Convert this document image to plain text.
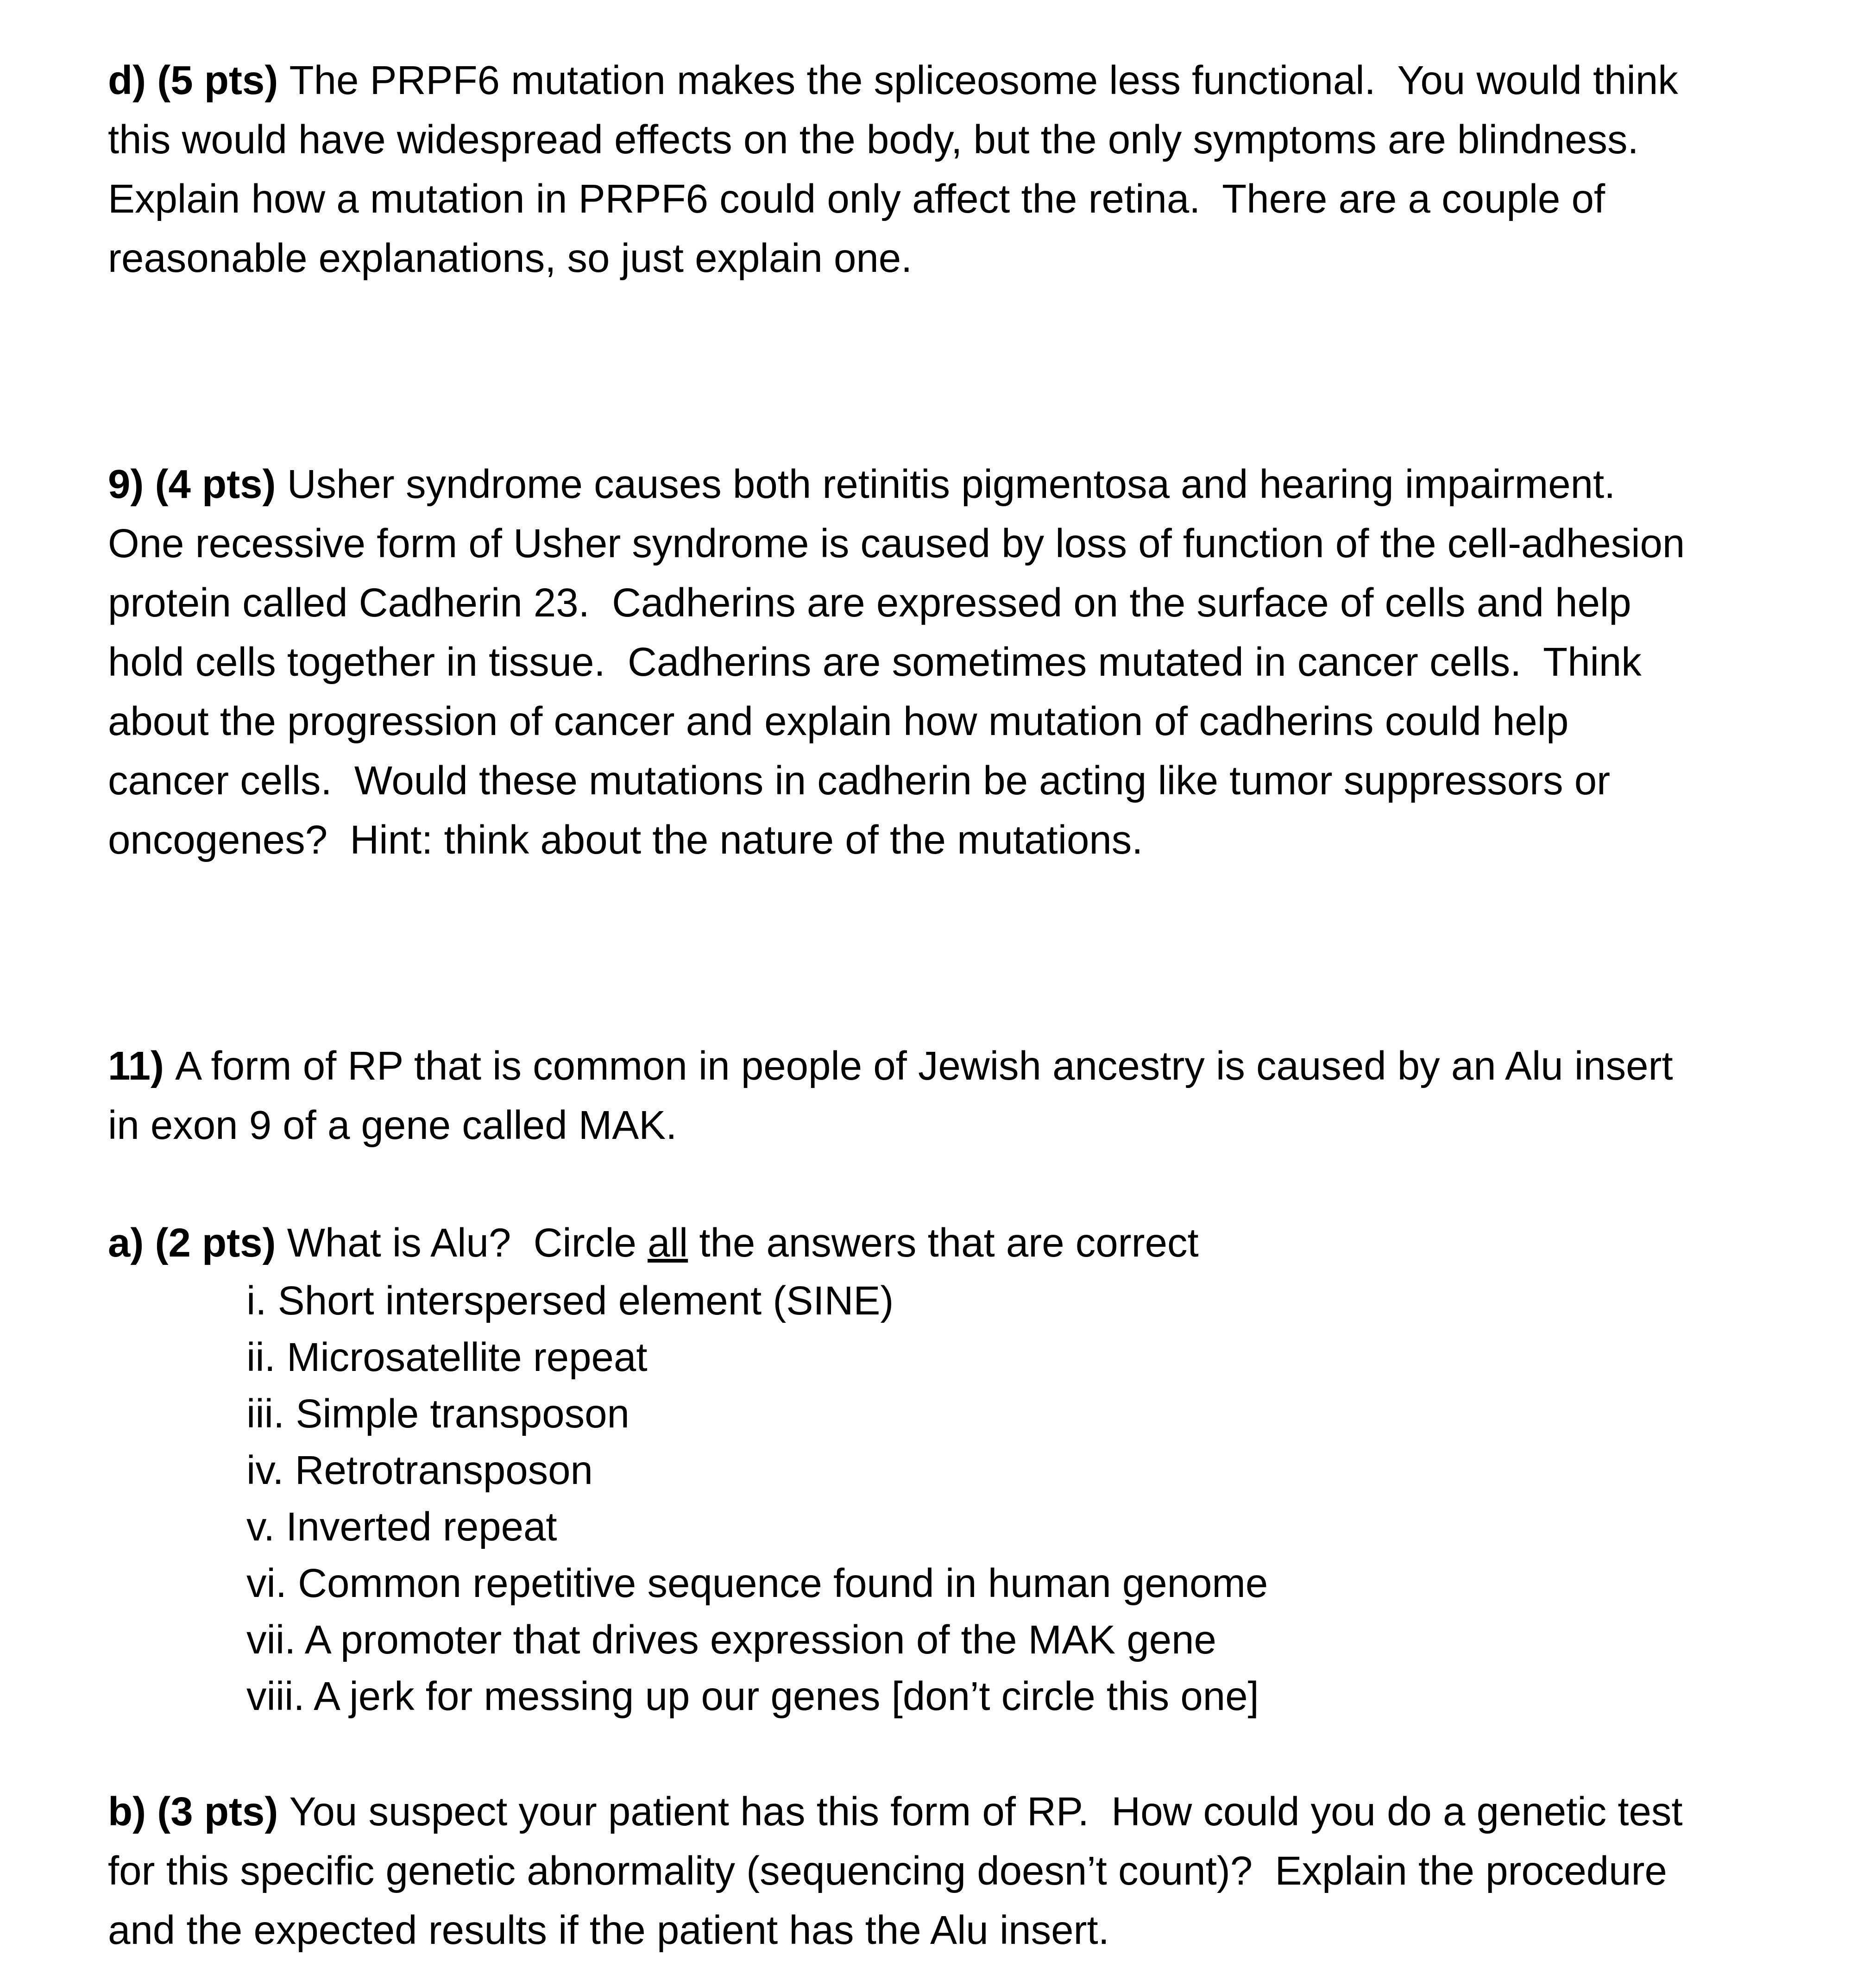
d) (5 pts) The PRPF6 mutation makes the spliceosome less functional.  You would think
this would have widespread effects on the body, but the only symptoms are blindness.
Explain how a mutation in PRPF6 could only affect the retina.  There are a couple of
reasonable explanations, so just explain one.
9) (4 pts) Usher syndrome causes both retinitis pigmentosa and hearing impairment.
One recessive form of Usher syndrome is caused by loss of function of the cell-adhesion
protein called Cadherin 23.  Cadherins are expressed on the surface of cells and help
hold cells together in tissue.  Cadherins are sometimes mutated in cancer cells.  Think
about the progression of cancer and explain how mutation of cadherins could help
cancer cells.  Would these mutations in cadherin be acting like tumor suppressors or
oncogenes?  Hint: think about the nature of the mutations.
11) A form of RP that is common in people of Jewish ancestry is caused by an Alu insert
in exon 9 of a gene called MAK.
a) (2 pts) What is Alu?  Circle all the answers that are correct
i. Short interspersed element (SINE)
ii. Microsatellite repeat
iii. Simple transposon
iv. Retrotransposon
v. Inverted repeat
vi. Common repetitive sequence found in human genome
vii. A promoter that drives expression of the MAK gene
viii. A jerk for messing up our genes [don’t circle this one]
b) (3 pts) You suspect your patient has this form of RP.  How could you do a genetic test
for this specific genetic abnormality (sequencing doesn’t count)?  Explain the procedure
and the expected results if the patient has the Alu insert.
